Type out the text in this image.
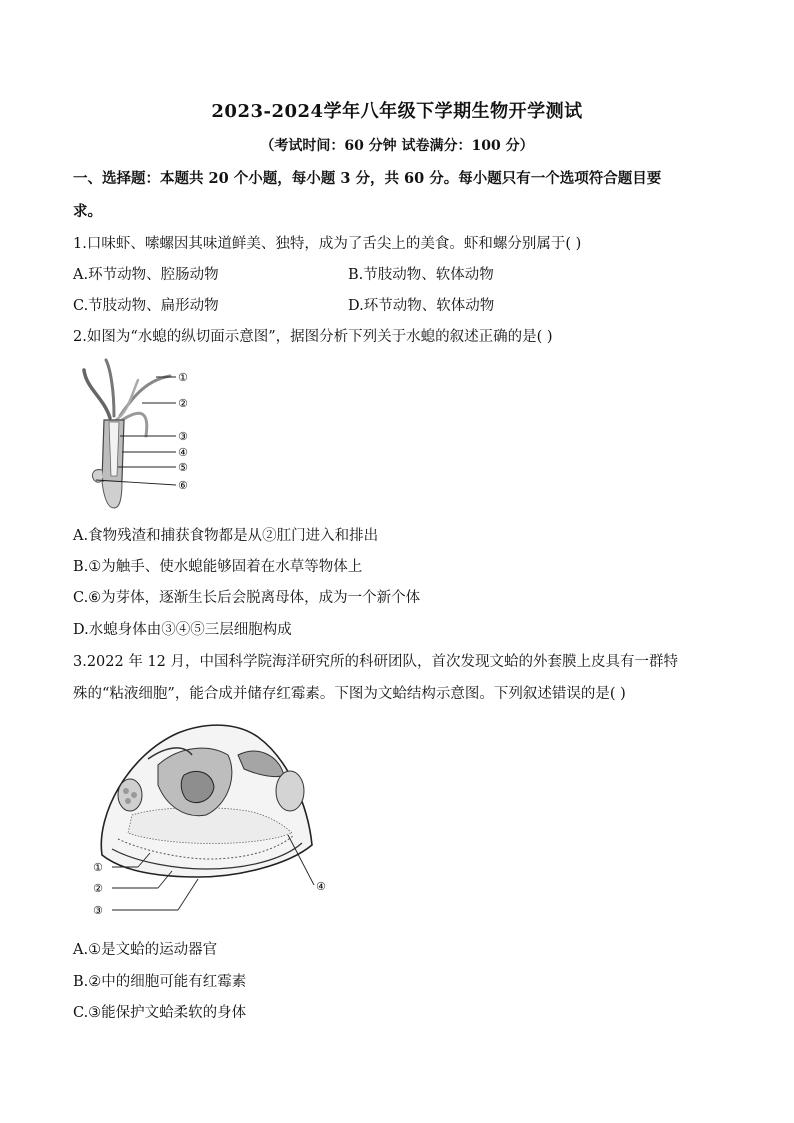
2023-2024学年八年级下学期生物开学测试
（考试时间：60 分钟 试卷满分：100 分）
一、选择题：本题共 20 个小题，每小题 3 分，共 60 分。每小题只有一个选项符合题目要
求。
1.口味虾、嗦螺因其味道鲜美、独特，成为了舌尖上的美食。虾和螺分别属于( )
A.环节动物、腔肠动物	B.节肢动物、软体动物
C.节肢动物、扁形动物	D.环节动物、软体动物
2.如图为“水螅的纵切面示意图”，据图分析下列关于水螅的叙述正确的是( )
①
②
③
④
⑤
⑥
A.食物残渣和捕获食物都是从②肛门进入和排出
B.①为触手、使水螅能够固着在水草等物体上
C.⑥为芽体，逐渐生长后会脱离母体，成为一个新个体
D.水螅身体由③④⑤三层细胞构成
3.2022 年 12 月，中国科学院海洋研究所的科研团队，首次发现文蛤的外套膜上皮具有一群特
殊的“粘液细胞”，能合成并储存红霉素。下图为文蛤结构示意图。下列叙述错误的是( )
①
②
③
④
A.①是文蛤的运动器官
B.②中的细胞可能有红霉素
C.③能保护文蛤柔软的身体
